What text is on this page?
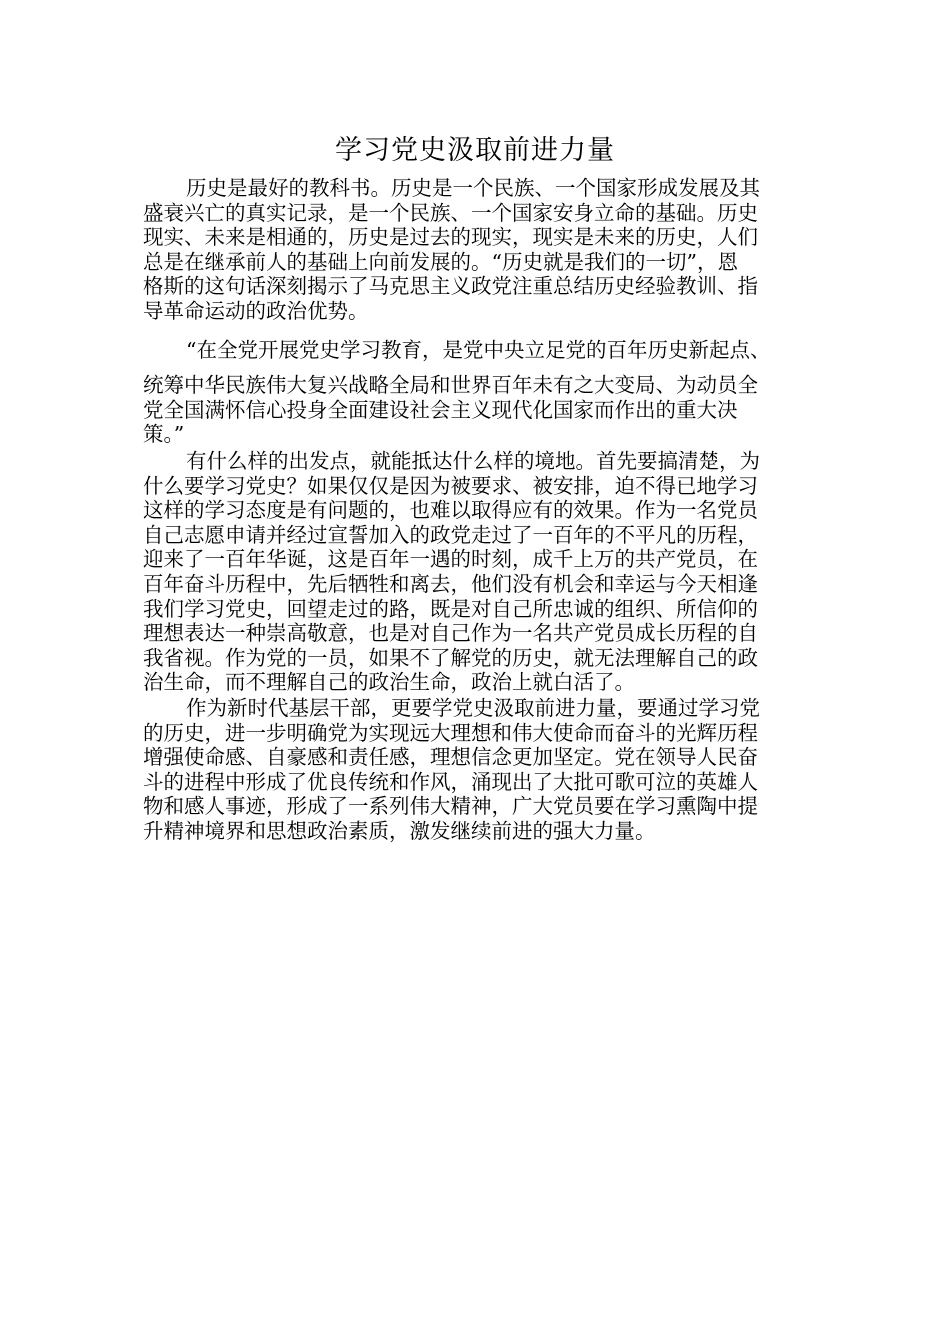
学习党史汲取前进力量

历史是最好的教科书。历史是一个民族、一个国家形成发展及其
盛衰兴亡的真实记录，是一个民族、一个国家安身立命的基础。历史
现实、未来是相通的，历史是过去的现实，现实是未来的历史，人们
总是在继承前人的基础上向前发展的。“历史就是我们的一切”，恩
格斯的这句话深刻揭示了马克思主义政党注重总结历史经验教训、指
导革命运动的政治优势。

“在全党开展党史学习教育，是党中央立足党的百年历史新起点、

统筹中华民族伟大复兴战略全局和世界百年未有之大变局、为动员全
党全国满怀信心投身全面建设社会主义现代化国家而作出的重大决
策。”

有什么样的出发点，就能抵达什么样的境地。首先要搞清楚，为
什么要学习党史？如果仅仅是因为被要求、被安排，迫不得已地学习
这样的学习态度是有问题的，也难以取得应有的效果。作为一名党员
自己志愿申请并经过宣誓加入的政党走过了一百年的不平凡的历程，
迎来了一百年华诞，这是百年一遇的时刻，成千上万的共产党员，在
百年奋斗历程中，先后牺牲和离去，他们没有机会和幸运与今天相逢
我们学习党史，回望走过的路，既是对自己所忠诚的组织、所信仰的
理想表达一种崇高敬意，也是对自己作为一名共产党员成长历程的自
我省视。作为党的一员，如果不了解党的历史，就无法理解自己的政
治生命，而不理解自己的政治生命，政治上就白活了。

作为新时代基层干部，更要学党史汲取前进力量，要通过学习党
的历史，进一步明确党为实现远大理想和伟大使命而奋斗的光辉历程
增强使命感、自豪感和责任感，理想信念更加坚定。党在领导人民奋
斗的进程中形成了优良传统和作风，涌现出了大批可歌可泣的英雄人
物和感人事迹，形成了一系列伟大精神，广大党员要在学习熏陶中提
升精神境界和思想政治素质，激发继续前进的强大力量。
